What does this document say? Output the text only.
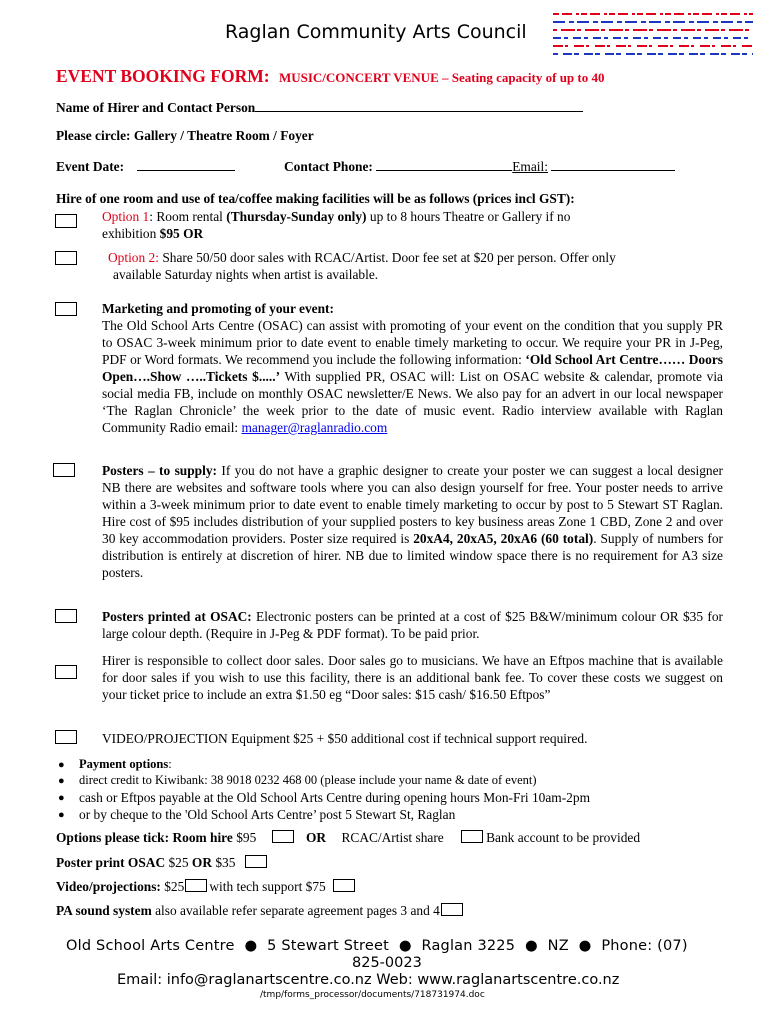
Raglan Community Arts Council
EVENT BOOKING FORM: MUSIC/CONCERT VENUE – Seating capacity of up to 40
Name of Hirer and Contact Person
Please circle: Gallery / Theatre Room / Foyer
Event Date:	Contact Phone:	Email:
Hire of one room and use of tea/coffee making facilities will be as follows (prices incl GST):
Option 1: Room rental (Thursday-Sunday only) up to 8 hours Theatre or Gallery if no
exhibition $95 OR
Option 2: Share 50/50 door sales with RCAC/Artist. Door fee set at $20 per person. Offer only
available Saturday nights when artist is available.
Marketing and promoting of your event:
The Old School Arts Centre (OSAC) can assist with promoting of your event on the condition that you supply PR to OSAC 3-week minimum prior to date event to enable timely marketing to occur. We require your PR in J-Peg, PDF or Word formats. We recommend you include the following information: ‘Old School Art Centre…… Doors Open….Show …..Tickets $.....’ With supplied PR, OSAC will: List on OSAC website & calendar, promote via social media FB, include on monthly OSAC newsletter/E News. We also pay for an advert in our local newspaper ‘The Raglan Chronicle’ the week prior to the date of music event. Radio interview available with Raglan Community Radio email: manager@raglanradio.com
Posters – to supply: If you do not have a graphic designer to create your poster we can suggest a local designer NB there are websites and software tools where you can also design yourself for free. Your poster needs to arrive within a 3-week minimum prior to date event to enable timely marketing to occur by post to 5 Stewart ST Raglan. Hire cost of $95 includes distribution of your supplied posters to key business areas Zone 1 CBD, Zone 2 and over 30 key accommodation providers. Poster size required is 20xA4, 20xA5, 20xA6 (60 total). Supply of numbers for distribution is entirely at discretion of hirer. NB due to limited window space there is no requirement for A3 size posters.
Posters printed at OSAC: Electronic posters can be printed at a cost of $25 B&W/minimum colour OR $35 for large colour depth. (Require in J-Peg & PDF format). To be paid prior.
Hirer is responsible to collect door sales. Door sales go to musicians. We have an Eftpos machine that is available for door sales if you wish to use this facility, there is an additional bank fee. To cover these costs we suggest on your ticket price to include an extra $1.50 eg “Door sales: $15 cash/ $16.50 Eftpos”
VIDEO/PROJECTION Equipment $25 + $50 additional cost if technical support required.
● Payment options:
● direct credit to Kiwibank: 38 9018 0232 468 00 (please include your name & date of event)
● cash or Eftpos payable at the Old School Arts Centre during opening hours Mon-Fri 10am-2pm
● or by cheque to the 'Old School Arts Centre’ post 5 Stewart St, Raglan
Options please tick: Room hire $95	OR RCAC/Artist share	Bank account to be provided
Poster print OSAC $25 OR $35
Video/projections: $25 with tech support $75
PA sound system also available refer separate agreement pages 3 and 4
Old School Arts Centre ● 5 Stewart Street ● Raglan 3225 ● NZ ● Phone: (07)
825-0023
Email: info@raglanartscentre.co.nz Web: www.raglanartscentre.co.nz
/tmp/forms_processor/documents/718731974.doc
